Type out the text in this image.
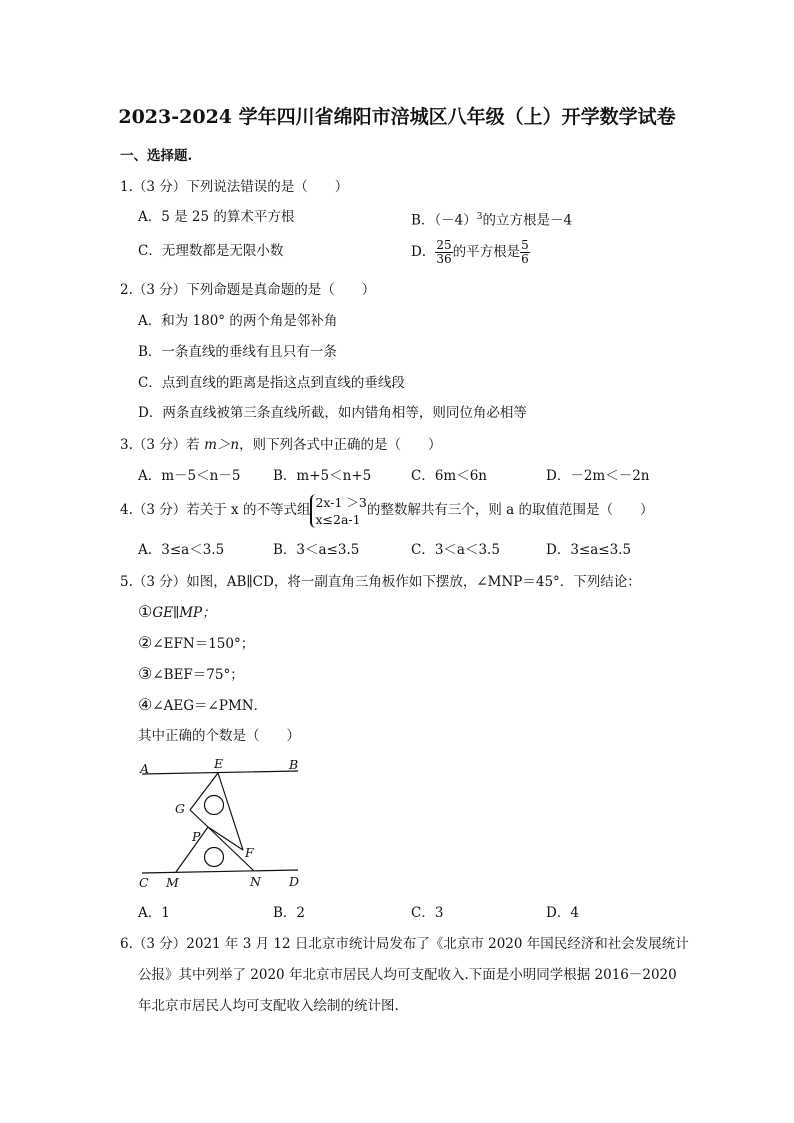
2023-2024 学年四川省绵阳市涪城区八年级（上）开学数学试卷
一、选择题.
1.（3 分）下列说法错误的是（　　）
A．5 是 25 的算术平方根	B．$(-4)^3$的立方根是－4
C．无理数都是无限小数	D． $\frac{25}{36}$ 的平方根是 $\frac{5}{6}$
2.（3 分）下列命题是真命题的是（　　）
A．和为 180° 的两个角是邻补角
B．一条直线的垂线有且只有一条
C．点到直线的距离是指这点到直线的垂线段
D．两条直线被第三条直线所截，如内错角相等，则同位角必相等
3.（3 分）若 m＞n，则下列各式中正确的是（　　）
A．m－5＜n－5 B．m+5＜n+5	C．6m＜6n	D．－2m＜－2n
4.（3 分）若关于 x 的不等式组 2x-1 ＞3
x≤2a-1
的整数解共有三个，则 a 的取值范围是（　　）
A．3≤a＜3.5	B．3＜a≤3.5	C．3＜a＜3.5	D．3≤a≤3.5
5.（3 分）如图，AB∥CD，将一副直角三角板作如下摆放，∠MNP＝45°．下列结论：
①GE∥MP；
②∠EFN＝150°；
③∠BEF＝75°；
④∠AEG＝∠PMN．
其中正确的个数是（　　）
A	E	B
G
P
F
C M	N D
A．1	B．2	C．3	D．4
6.（3 分）2021 年 3 月 12 日北京市统计局发布了《北京市 2020 年国民经济和社会发展统计
公报》其中列举了 2020 年北京市居民人均可支配收入.下面是小明同学根据 2016－2020
年北京市居民人均可支配收入绘制的统计图.
